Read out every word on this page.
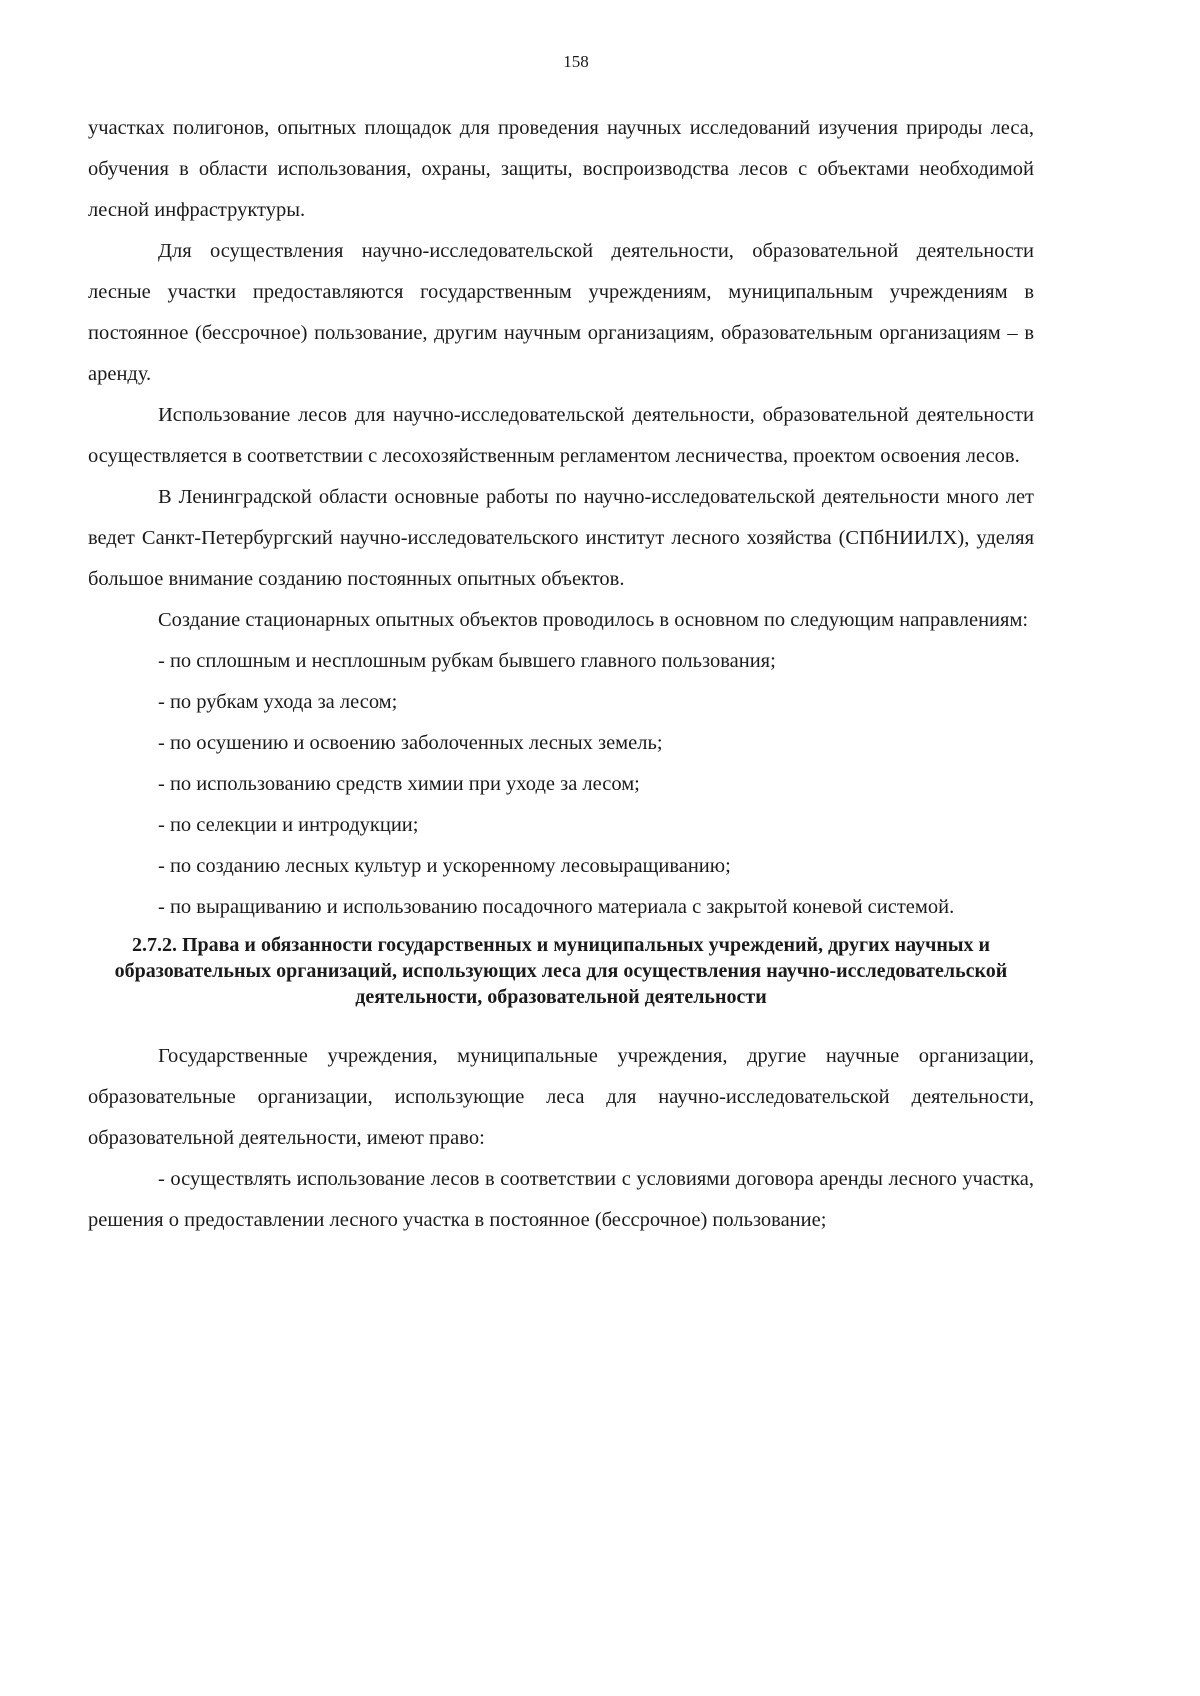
158

участках полигонов, опытных площадок для проведения научных исследований изучения природы леса, обучения в области использования, охраны, защиты, воспроизводства лесов с объектами необходимой лесной инфраструктуры.

Для осуществления научно-исследовательской деятельности, образовательной деятельности лесные участки предоставляются государственным учреждениям, муниципальным учреждениям в постоянное (бессрочное) пользование, другим научным организациям, образовательным организациям – в аренду.

Использование лесов для научно-исследовательской деятельности, образовательной деятельности осуществляется в соответствии с лесохозяйственным регламентом лесничества, проектом освоения лесов.

В Ленинградской области основные работы по научно-исследовательской деятельности много лет ведет Санкт-Петербургский научно-исследовательского институт лесного хозяйства (СПбНИИЛХ), уделяя большое внимание созданию постоянных опытных объектов.

Создание стационарных опытных объектов проводилось в основном по следующим направлениям:

- по сплошным и несплошным рубкам бывшего главного пользования;

- по рубкам ухода за лесом;

- по осушению и освоению заболоченных лесных земель;

- по использованию средств химии при уходе за лесом;

- по селекции и интродукции;

- по созданию лесных культур и ускоренному лесовыращиванию;

- по выращиванию и использованию посадочного материала с закрытой коневой системой.

2.7.2. Права и обязанности государственных и муниципальных учреждений, других научных и образовательных организаций, использующих леса для осуществления научно-исследовательской деятельности, образовательной деятельности

Государственные учреждения, муниципальные учреждения, другие научные организации, образовательные организации, использующие леса для научно-исследовательской деятельности, образовательной деятельности, имеют право:

- осуществлять использование лесов в соответствии с условиями договора аренды лесного участка, решения о предоставлении лесного участка в постоянное (бессрочное) пользование;
